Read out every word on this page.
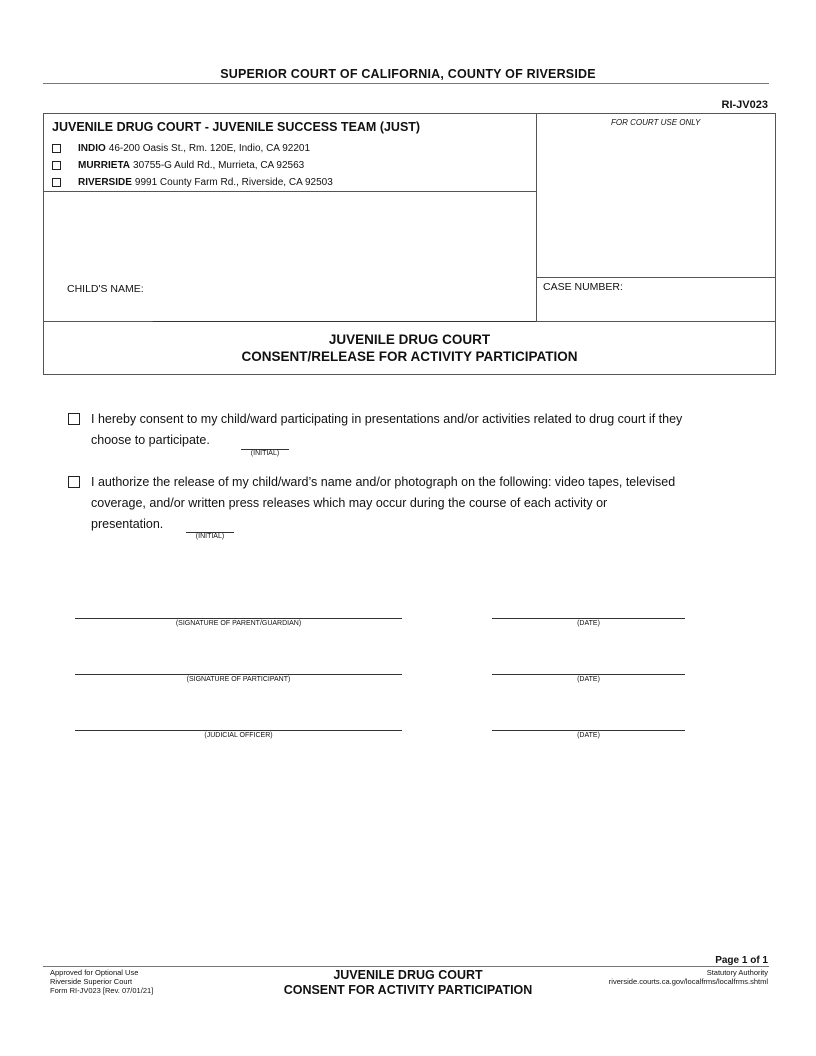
SUPERIOR COURT OF CALIFORNIA, COUNTY OF RIVERSIDE
RI-JV023
JUVENILE DRUG COURT - JUVENILE SUCCESS TEAM (JUST)
INDIO 46-200 Oasis St., Rm. 120E, Indio, CA 92201
MURRIETA 30755-G Auld Rd., Murrieta, CA 92563
RIVERSIDE 9991 County Farm Rd., Riverside, CA 92503
FOR COURT USE ONLY
CHILD'S NAME:	CASE NUMBER:
JUVENILE DRUG COURT
CONSENT/RELEASE FOR ACTIVITY PARTICIPATION
I hereby consent to my child/ward participating in presentations and/or activities related to drug court if they
choose to participate.
(INITIAL)
I authorize the release of my child/ward’s name and/or photograph on the following: video tapes, televised
coverage, and/or written press releases which may occur during the course of each activity or
presentation.
(INITIAL)
(SIGNATURE OF PARENT/GUARDIAN)	(DATE)
(SIGNATURE OF PARTICIPANT)	(DATE)
(JUDICIAL OFFICER)	(DATE)
Page 1 of 1
Approved for Optional Use
Riverside Superior Court
Form RI-JV023 [Rev. 07/01/21]
JUVENILE DRUG COURT
CONSENT FOR ACTIVITY PARTICIPATION
Statutory Authority
riverside.courts.ca.gov/localfrms/localfrms.shtml
